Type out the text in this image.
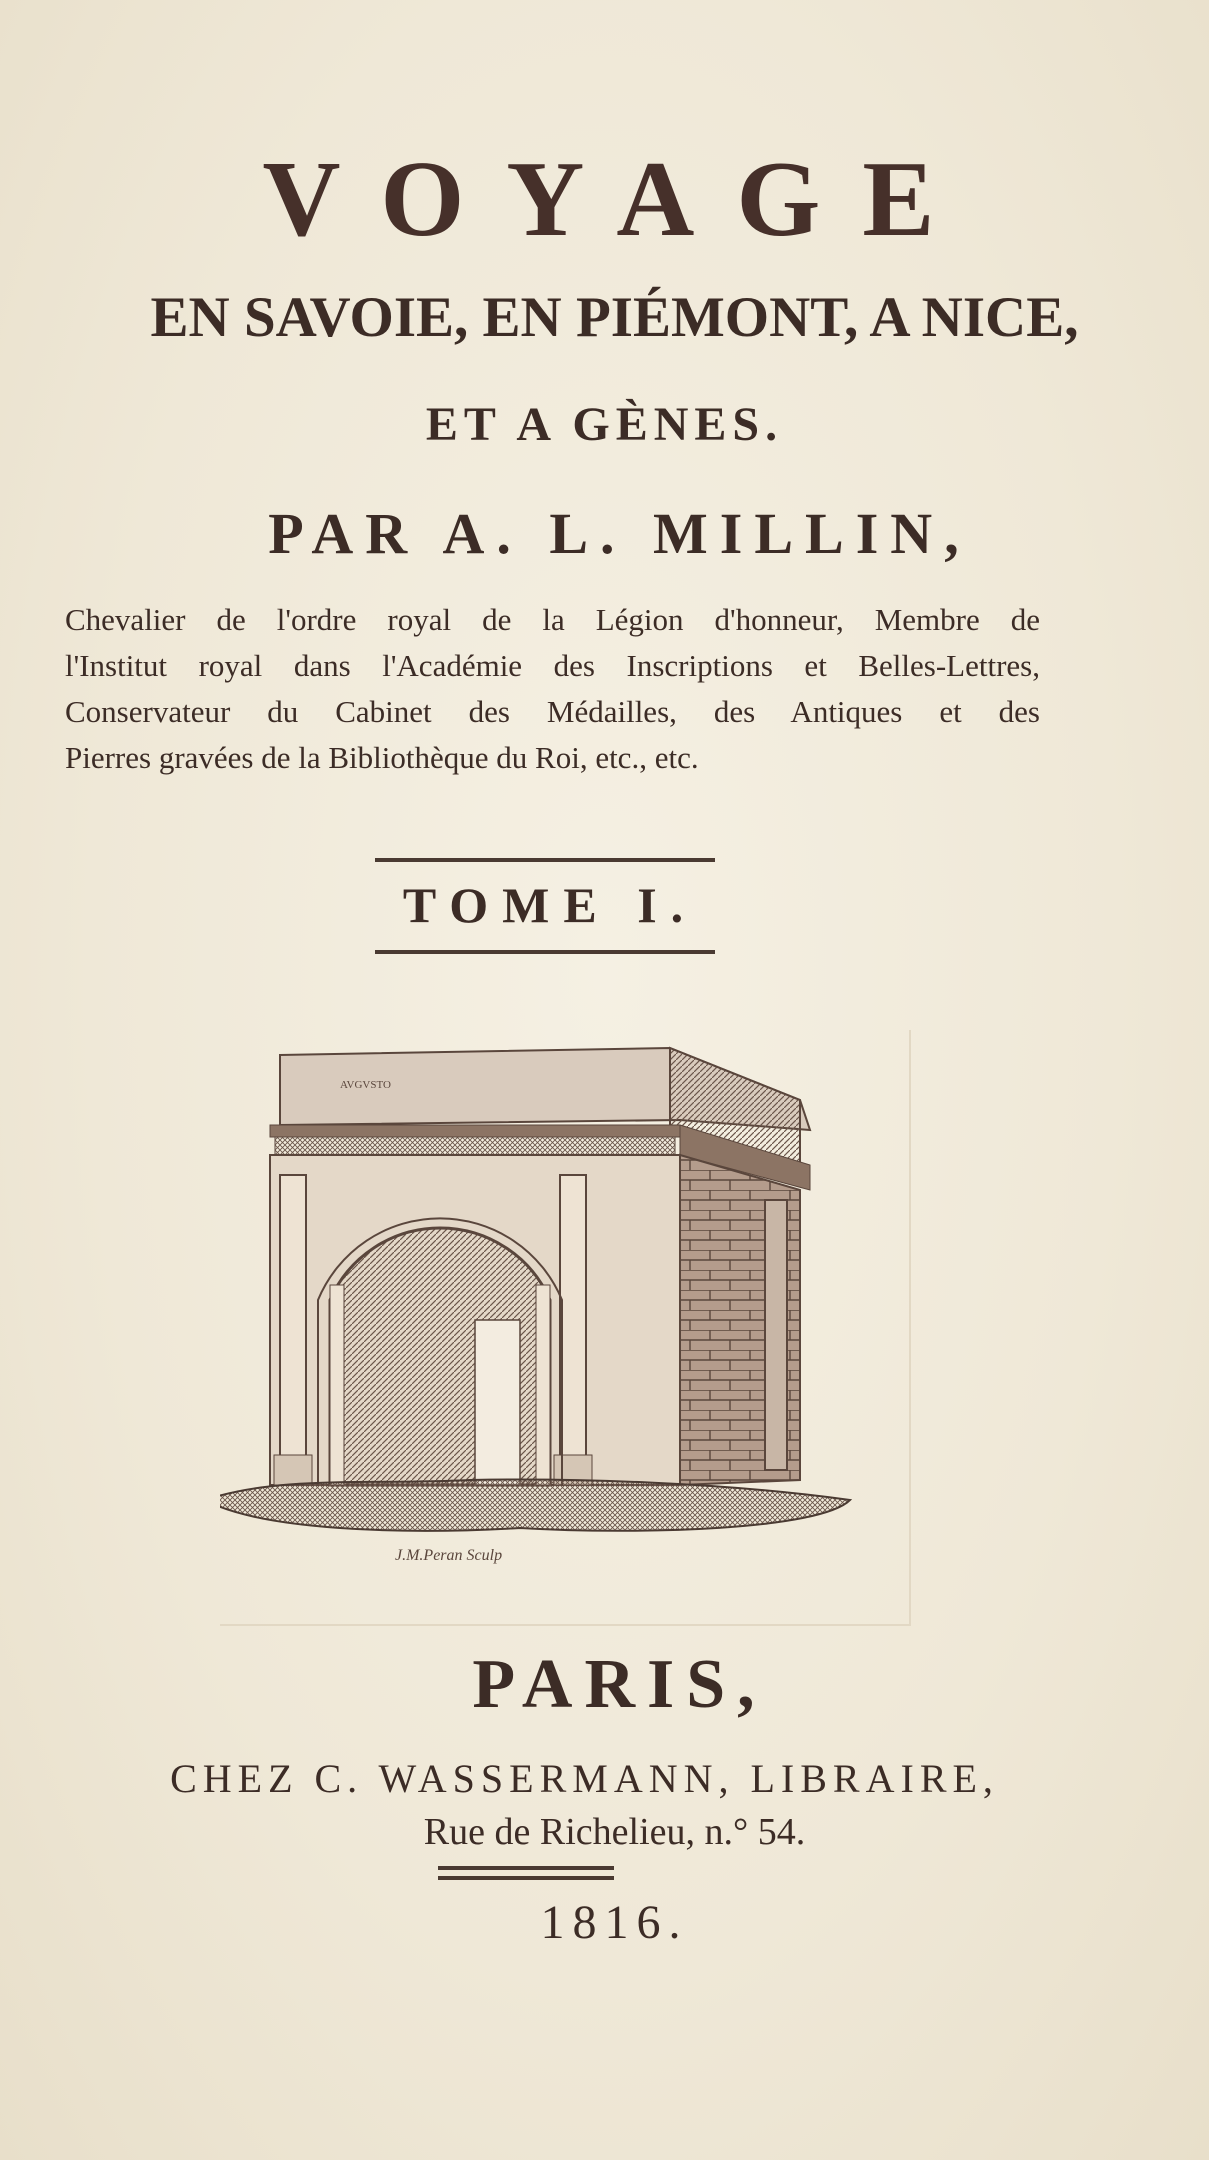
VOYAGE
EN SAVOIE, EN PIÉMONT, A NICE,
ET A GÈNES.
PAR A. L. MILLIN,
Chevalier de l'ordre royal de la Légion d'honneur, Membre de
l'Institut royal dans l'Académie des Inscriptions et Belles-Lettres,
Conservateur du Cabinet des Médailles, des Antiques et des
Pierres gravées de la Bibliothèque du Roi, etc., etc.
TOME I.
AVGVSTO
J.M.Peran Sculp
PARIS,
CHEZ C. WASSERMANN, LIBRAIRE,
Rue de Richelieu, n.° 54.
1816.
